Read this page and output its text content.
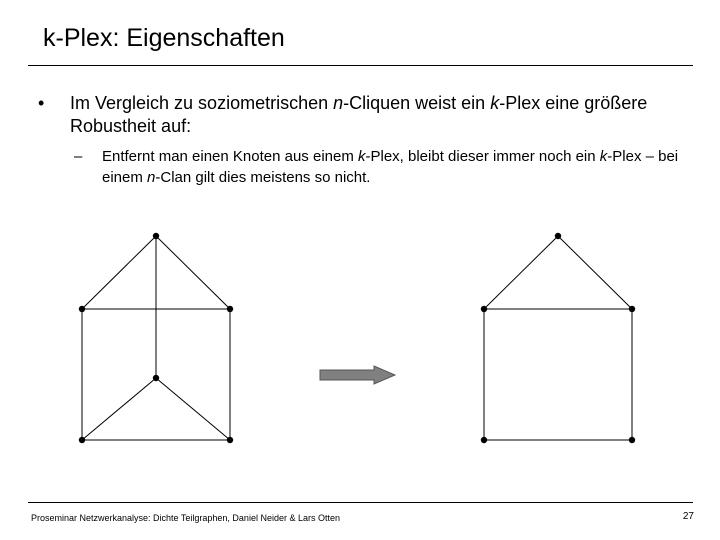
k-Plex: Eigenschaften
• Im Vergleich zu soziometrischen n-Cliquen weist ein k-Plex eine größere Robustheit auf:
– Entfernt man einen Knoten aus einem k-Plex, bleibt dieser immer noch ein k-Plex – bei einem n-Clan gilt dies meistens so nicht.
Proseminar Netzwerkanalyse: Dichte Teilgraphen, Daniel Neider & Lars Otten	27
